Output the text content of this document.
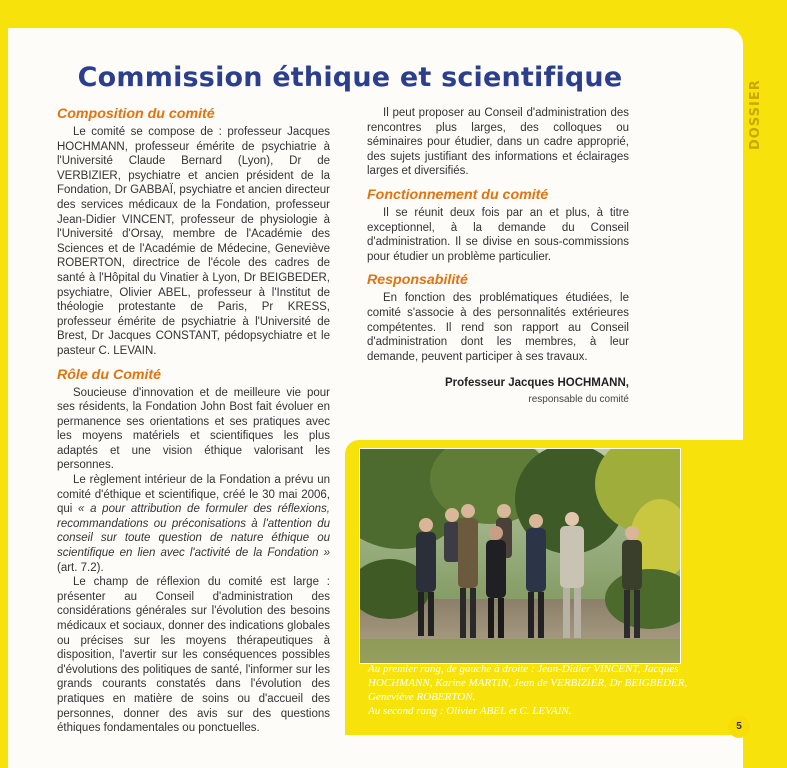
DOSSIER
Commission éthique et scientifique
Composition du comité

Le comité se compose de : professeur Jacques HOCHMANN, professeur émérite de psychiatrie à l'Université Claude Bernard (Lyon), Dr de VERBIZIER, psychiatre et ancien président de la Fondation, Dr GABBAÏ, psychiatre et ancien directeur des services médicaux de la Fondation, professeur Jean-Didier VINCENT, professeur de physiologie à l'Université d'Orsay, membre de l'Académie des Sciences et de l'Académie de Médecine, Geneviève ROBERTON, directrice de l'école des cadres de santé à l'Hôpital du Vinatier à Lyon, Dr BEIGBEDER, psychiatre, Olivier ABEL, professeur à l'Institut de théologie protestante de Paris, Pr KRESS, professeur émérite de psychiatrie à l'Université de Brest, Dr Jacques CONSTANT, pédopsychiatre et le pasteur C. LEVAIN.

Rôle du Comité

Soucieuse d'innovation et de meilleure vie pour ses résidents, la Fondation John Bost fait évoluer en permanence ses orientations et ses pratiques avec les moyens matériels et scientifiques les plus adaptés et une vision éthique valorisant les personnes.

Le règlement intérieur de la Fondation a prévu un comité d'éthique et scientifique, créé le 30 mai 2006, qui « a pour attribution de formuler des réflexions, recommandations ou préconisations à l'attention du conseil sur toute question de nature éthique ou scientifique en lien avec l'activité de la Fondation » (art. 7.2).

Le champ de réflexion du comité est large : présenter au Conseil d'administration des considérations générales sur l'évolution des besoins médicaux et sociaux, donner des indications globales ou précises sur les moyens thérapeutiques à disposition, l'avertir sur les conséquences possibles d'évolutions des politiques de santé, l'informer sur les grands courants constatés dans l'évolution des pratiques en matière de soins ou d'accueil des personnes, donner des avis sur des questions éthiques fondamentales ou ponctuelles.

Il peut proposer au Conseil d'administration des rencontres plus larges, des colloques ou séminaires pour étudier, dans un cadre approprié, des sujets justifiant des informations et éclairages larges et diversifiés.

Fonctionnement du comité

Il se réunit deux fois par an et plus, à titre exceptionnel, à la demande du Conseil d'administration. Il se divise en sous-commissions pour étudier un problème particulier.

Responsabilité

En fonction des problématiques étudiées, le comité s'associe à des personnalités extérieures compétentes. Il rend son rapport au Conseil d'administration dont les membres, à leur demande, peuvent participer à ses travaux.

Professeur Jacques HOCHMANN,
responsable du comité
Au premier rang, de gauche à droite : Jean-Didier VINCENT, Jacques HOCHMANN, Karine MARTIN, Jean de VERBIZIER, Dr BEIGBEDER, Geneviève ROBERTON.
Au second rang : Olivier ABEL et C. LEVAIN.
5
